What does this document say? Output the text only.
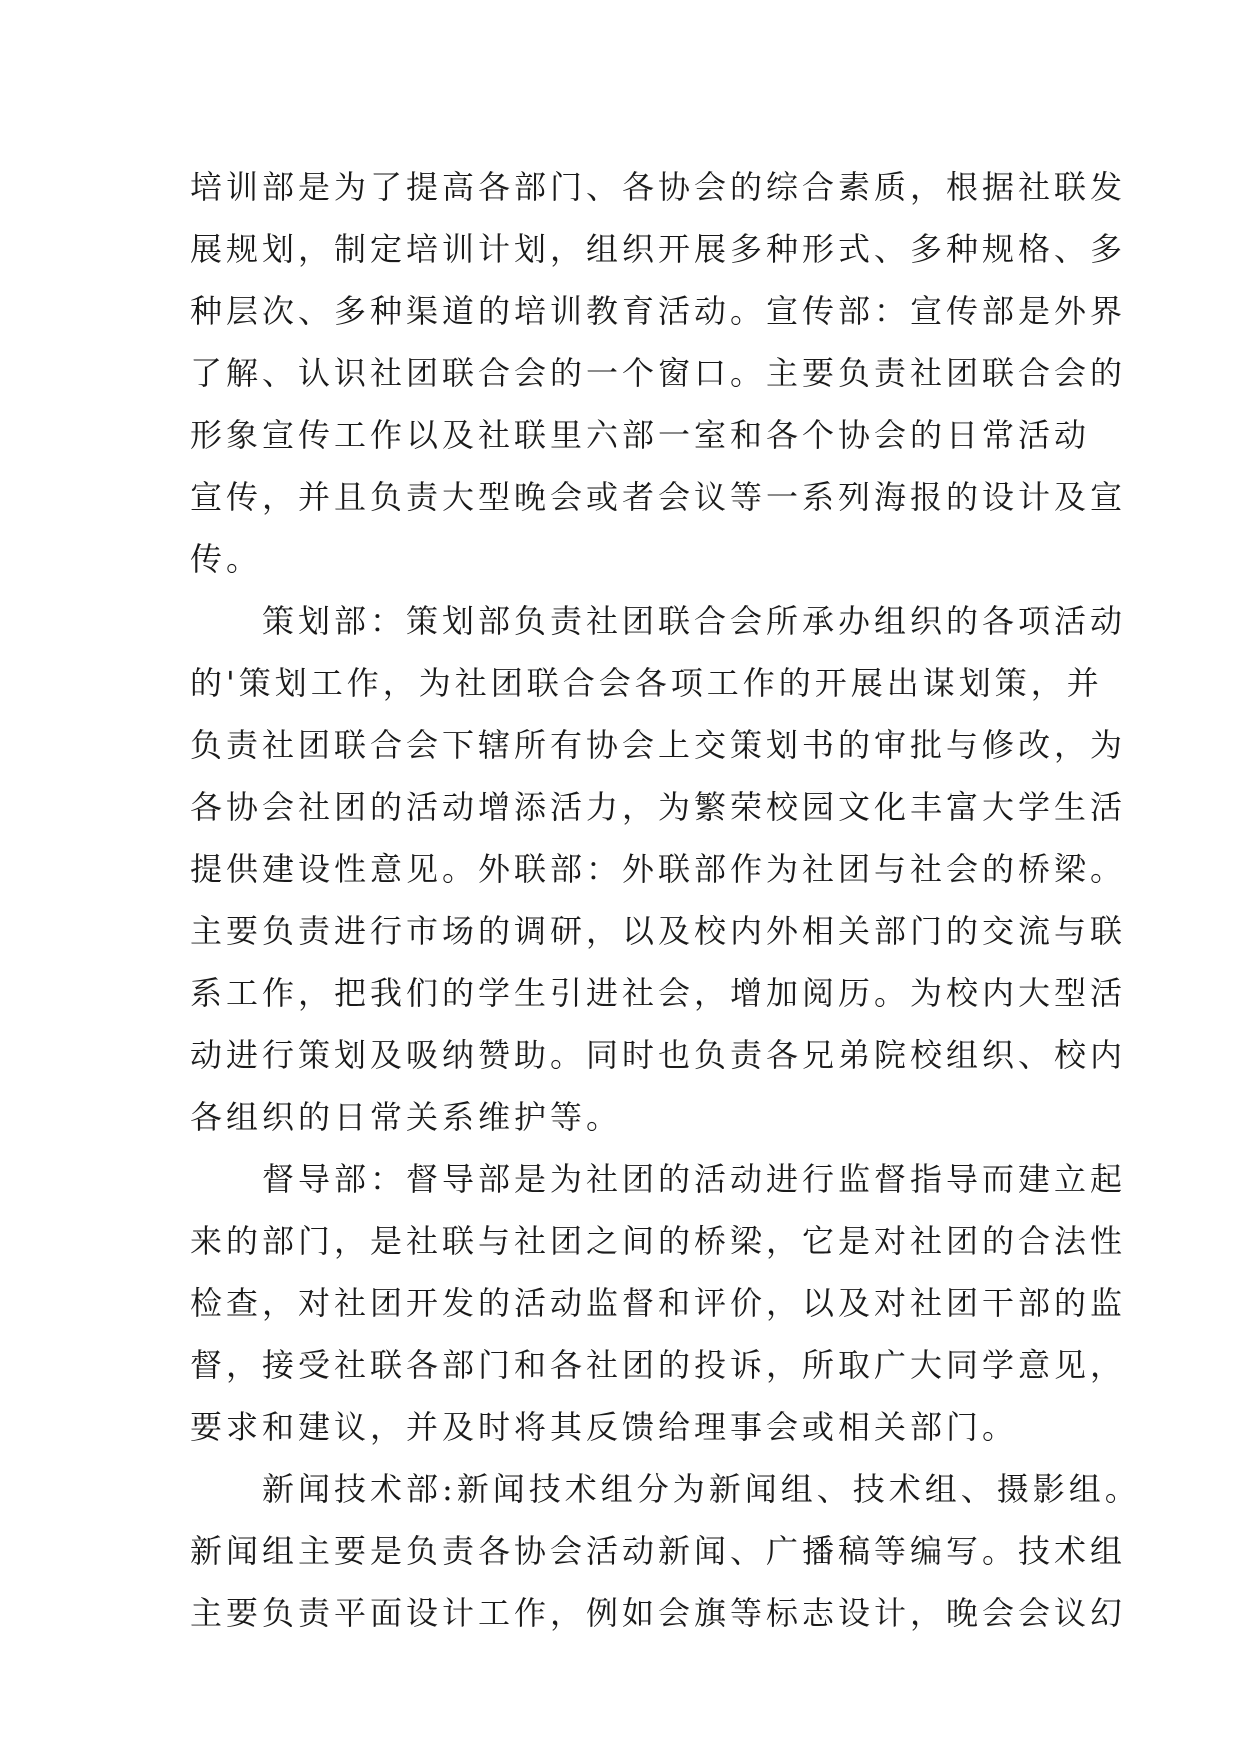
培训部是为了提高各部门、各协会的综合素质，根据社联发
展规划，制定培训计划，组织开展多种形式、多种规格、多
种层次、多种渠道的培训教育活动。宣传部：宣传部是外界
了解、认识社团联合会的一个窗口。主要负责社团联合会的
形象宣传工作以及社联里六部一室和各个协会的日常活动
宣传，并且负责大型晚会或者会议等一系列海报的设计及宣
传。
　　策划部：策划部负责社团联合会所承办组织的各项活动
的'策划工作，为社团联合会各项工作的开展出谋划策，并
负责社团联合会下辖所有协会上交策划书的审批与修改，为
各协会社团的活动增添活力，为繁荣校园文化丰富大学生活
提供建设性意见。外联部：外联部作为社团与社会的桥梁。
主要负责进行市场的调研，以及校内外相关部门的交流与联
系工作，把我们的学生引进社会，增加阅历。为校内大型活
动进行策划及吸纳赞助。同时也负责各兄弟院校组织、校内
各组织的日常关系维护等。
　　督导部：督导部是为社团的活动进行监督指导而建立起
来的部门，是社联与社团之间的桥梁，它是对社团的合法性
检查，对社团开发的活动监督和评价，以及对社团干部的监
督，接受社联各部门和各社团的投诉，所取广大同学意见，
要求和建议，并及时将其反馈给理事会或相关部门。
　　新闻技术部:新闻技术组分为新闻组、技术组、摄影组。
新闻组主要是负责各协会活动新闻、广播稿等编写。技术组
主要负责平面设计工作，例如会旗等标志设计，晚会会议幻
